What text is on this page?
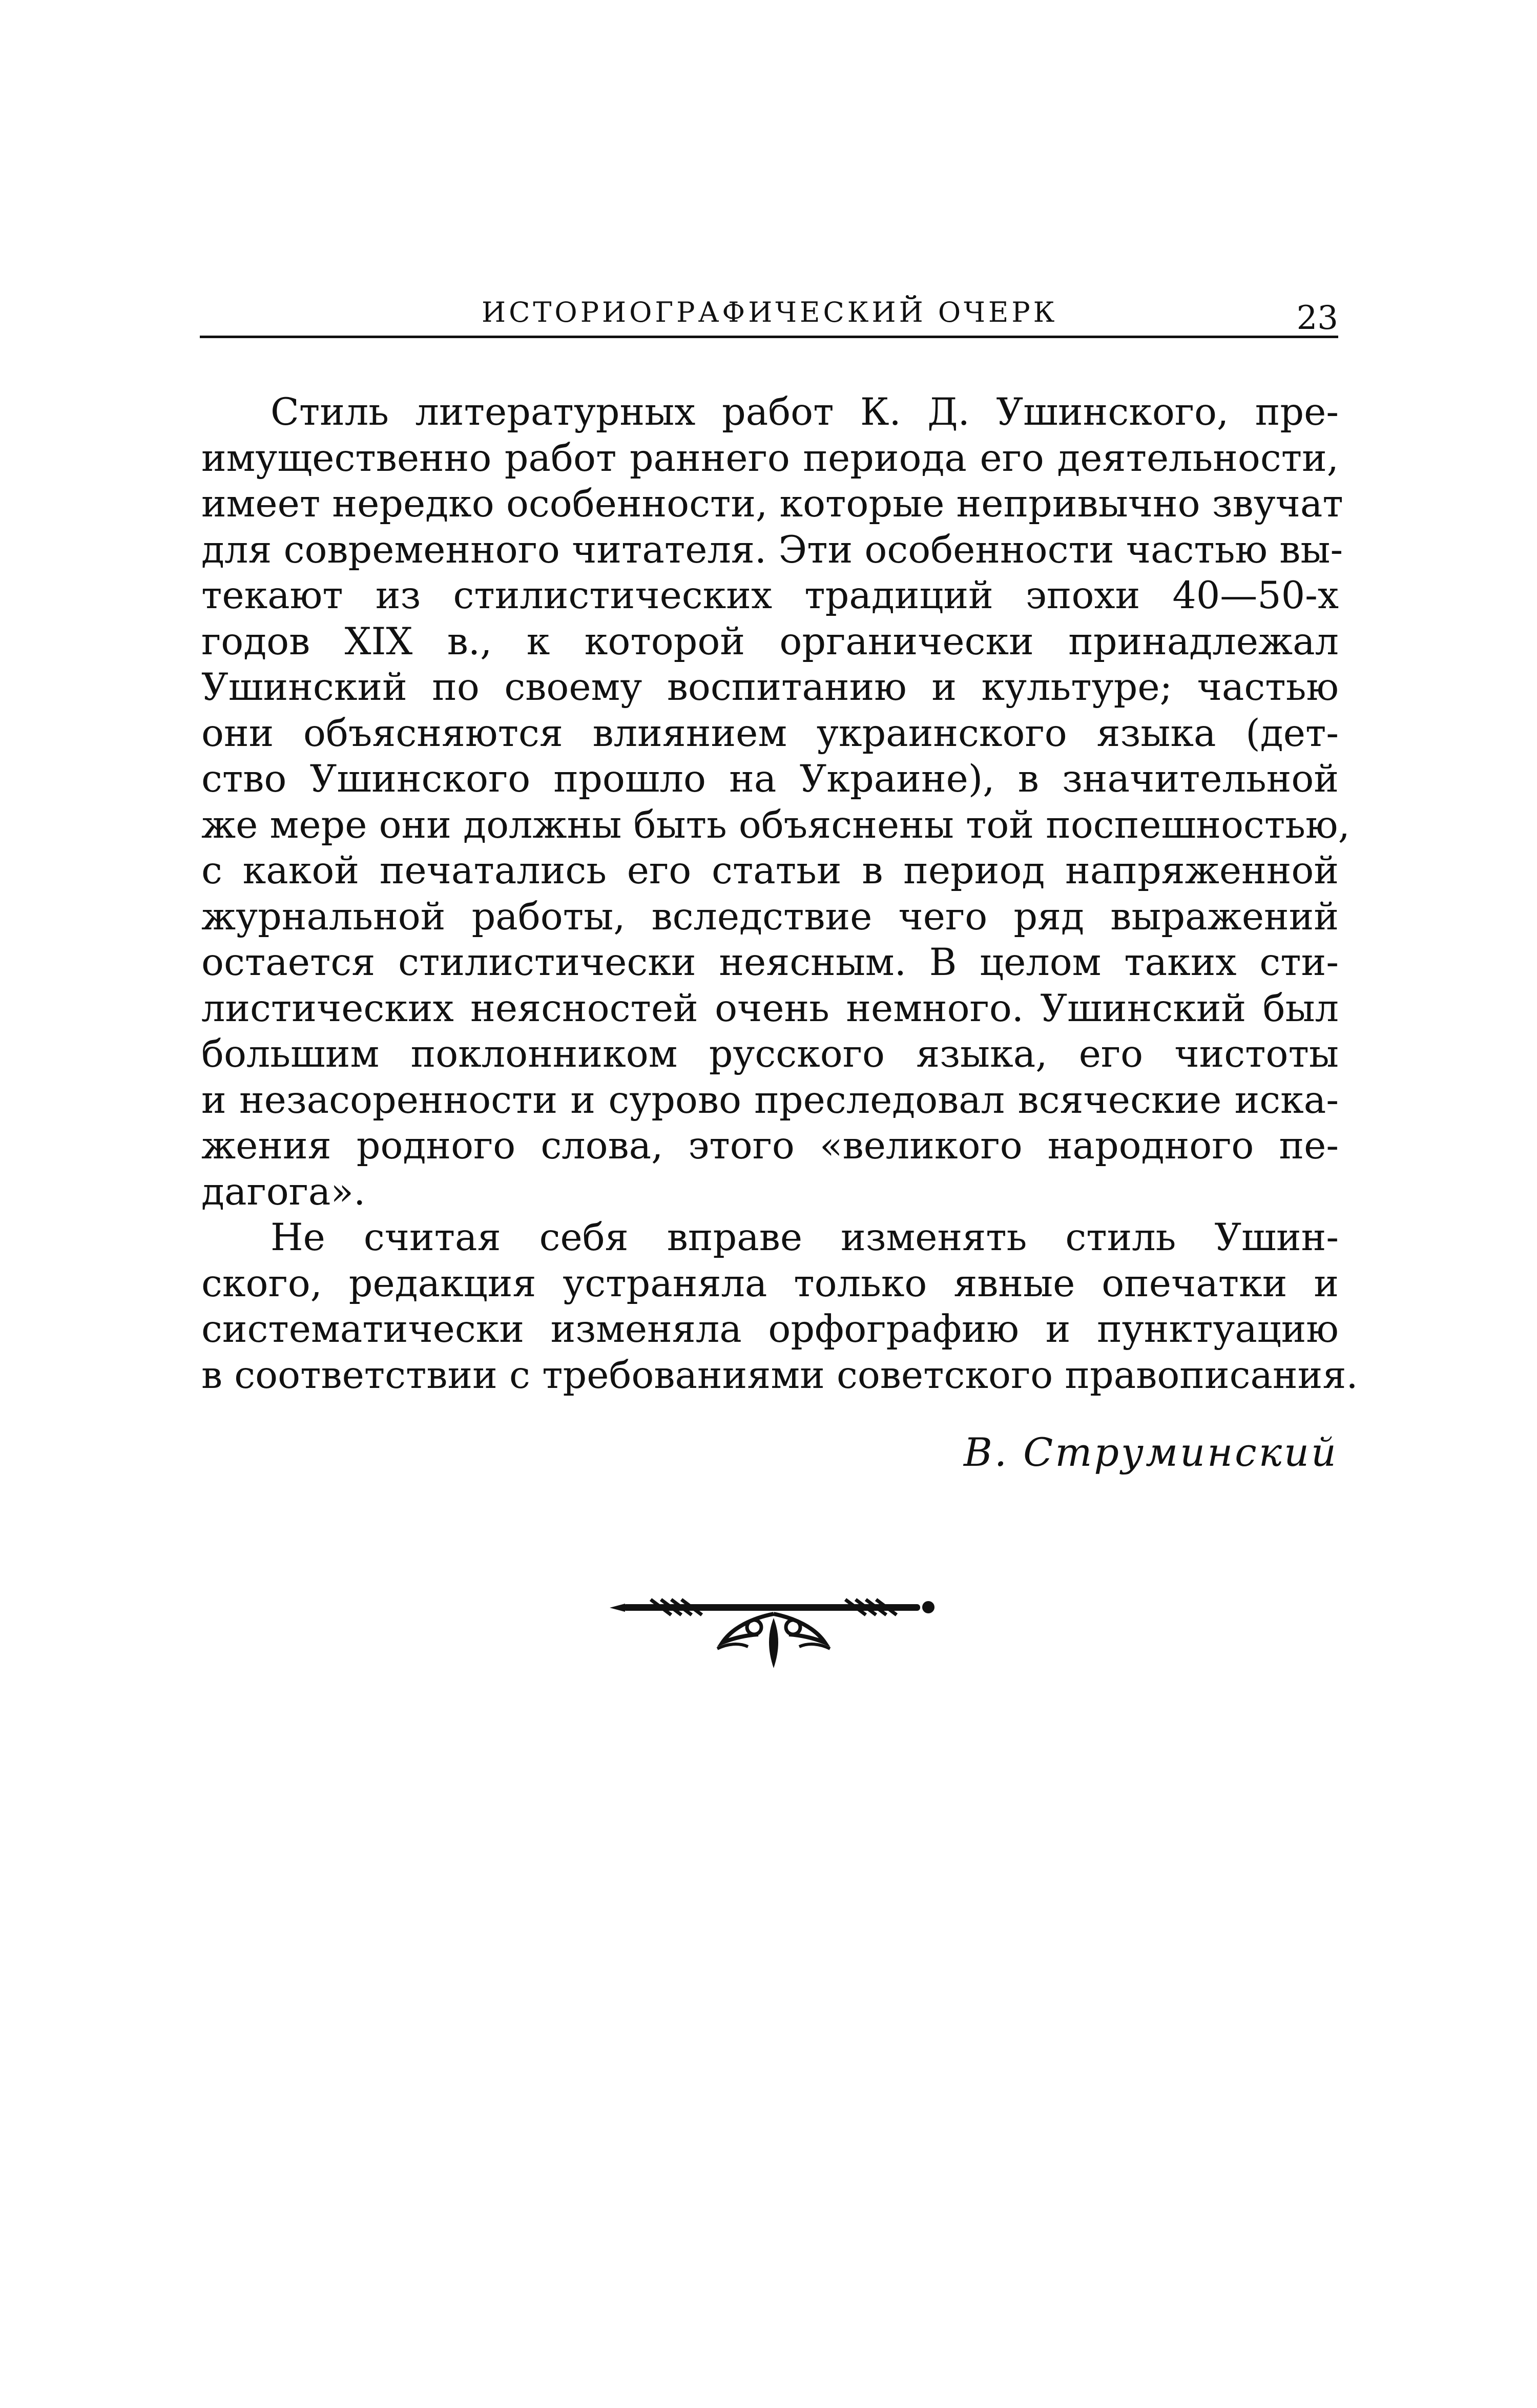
ИСТОРИОГРАФИЧЕСКИЙ ОЧЕРК	23
Стиль литературных работ К. Д. Ушинского, пре-
имущественно работ раннего периода его деятельности,
имеет нередко особенности, которые непривычно звучат
для современного читателя. Эти особенности частью вы-
текают из стилистических традиций эпохи 40—50-х
годов XIX в., к которой органически принадлежал
Ушинский по своему воспитанию и культуре; частью
они объясняются влиянием украинского языка (дет-
ство Ушинского прошло на Украине), в значительной
же мере они должны быть объяснены той поспешностью,
с какой печатались его статьи в период напряженной
журнальной работы, вследствие чего ряд выражений
остается стилистически неясным. В целом таких сти-
листических неясностей очень немного. Ушинский был
большим поклонником русского языка, его чистоты
и незасоренности и сурово преследовал всяческие иска-
жения родного слова, этого «великого народного пе-
дагога».
Не считая себя вправе изменять стиль Ушин-
ского, редакция устраняла только явные опечатки и
систематически изменяла орфографию и пунктуацию
в соответствии с требованиями советского правописания.
В. Струминский
